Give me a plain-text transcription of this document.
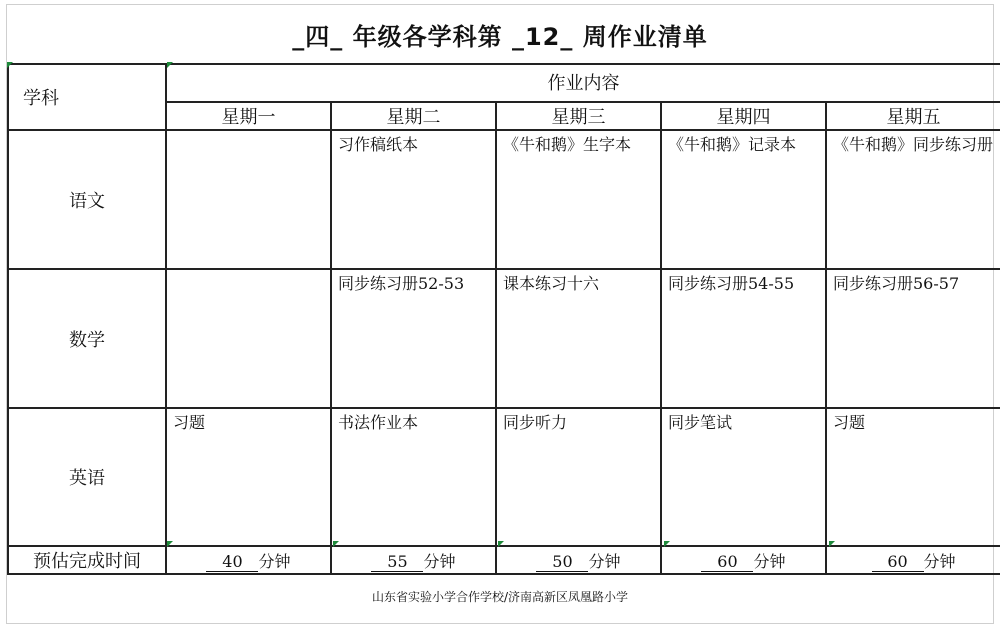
_四_ 年级各学科第 _12_ 周作业清单
学科	作业内容				
	星期一	星期二	星期三	星期四	星期五
语文		习作稿纸本	《牛和鹅》生字本	《牛和鹅》记录本	《牛和鹅》同步练习册
数学		同步练习册52-53	课本练习十六	同步练习册54-55	同步练习册56-57
英语	习题	书法作业本	同步听力	同步笔试	习题
预估完成时间	40 分钟	55 分钟	50 分钟	60 分钟	60 分钟
山东省实验小学合作学校/济南高新区凤凰路小学
